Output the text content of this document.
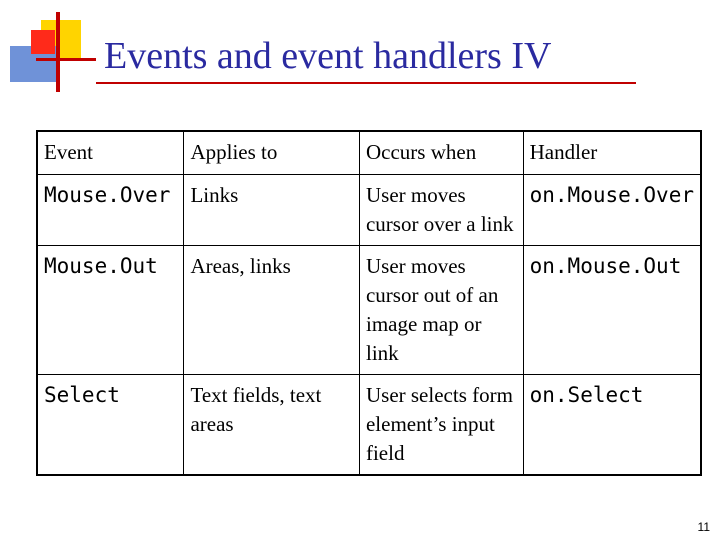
Events and event handlers IV
Event	Applies to	Occurs when	Handler
Mouse.Over	Links	User moves cursor over a link	on.Mouse.Over
Mouse.Out	Areas, links	User moves cursor out of an image map or link	on.Mouse.Out
Select	Text fields, text areas	User selects form element’s input field	on.Select
11
